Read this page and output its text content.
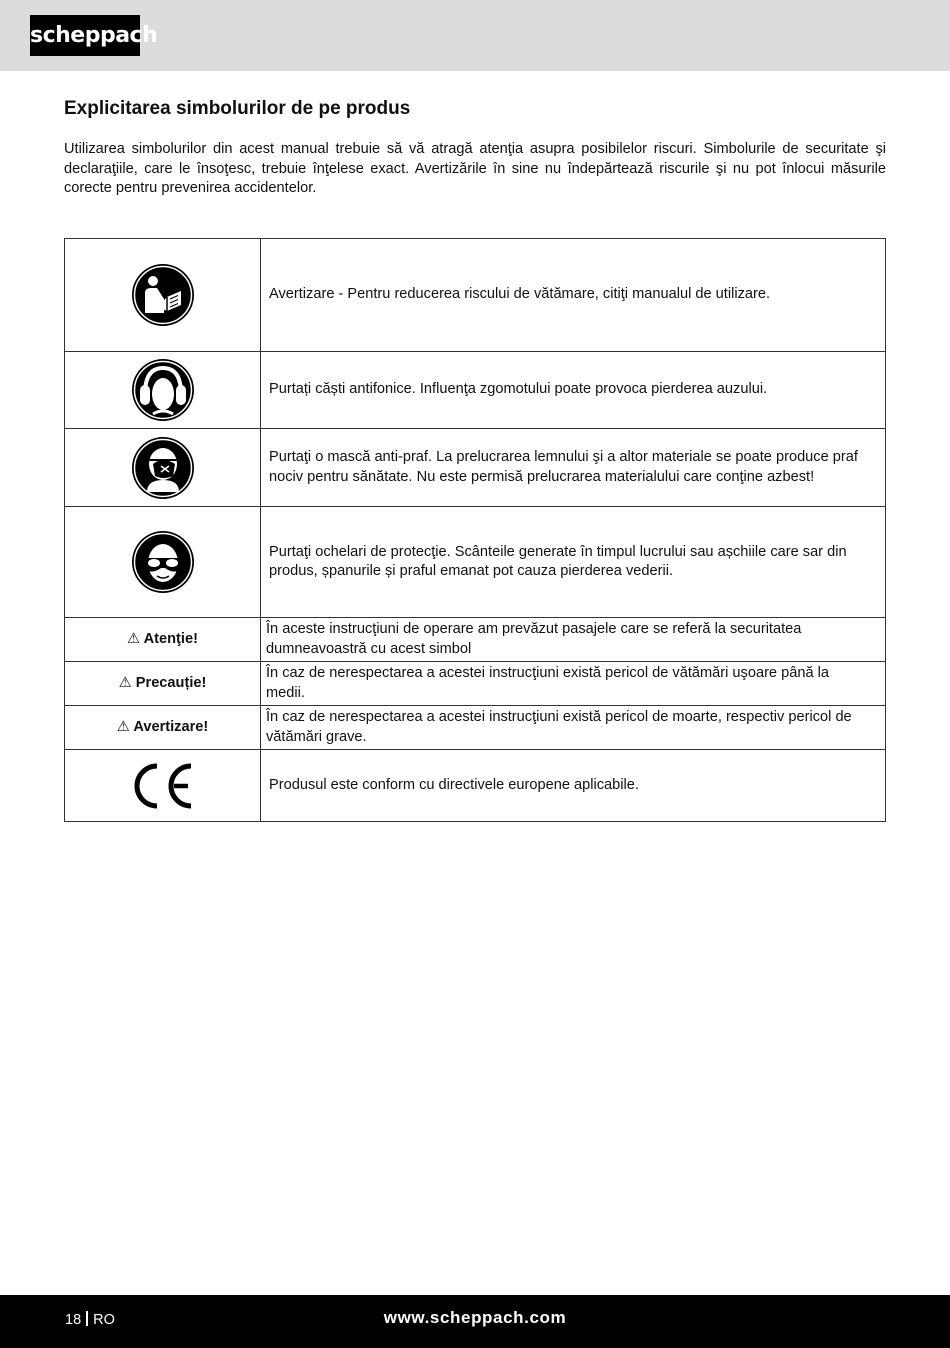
scheppach
Explicitarea simbolurilor de pe produs

Utilizarea simbolurilor din acest manual trebuie să vă atragă atenţia asupra posibilelor riscuri. Simbolurile de securitate şi declaraţiile, care le însoţesc, trebuie înţelese exact. Avertizările în sine nu îndepărtează riscurile şi nu pot înlocui măsurile corecte pentru prevenirea accidentelor.

Avertizare - Pentru reducerea riscului de vătămare, citiţi manualul de utilizare.

Purtați căști antifonice. Influenţa zgomotului poate provoca pierderea auzului.

Purtaţi o mască anti-praf. La prelucrarea lemnului şi a altor materiale se poate produce praf nociv pentru sănătate. Nu este permisă prelucrarea materialului care conţine azbest!

Purtaţi ochelari de protecţie. Scânteile generate în timpul lucrului sau așchiile care sar din produs, șpanurile și praful emanat pot cauza pierderea vederii.

⚠ Atenţie!	În aceste instrucţiuni de operare am prevăzut pasajele care se referă la securitatea dumneavoastră cu acest simbol

⚠ Precauție!	În caz de nerespectarea a acestei instrucţiuni există pericol de vătămări uşoare până la medii.

⚠ Avertizare!	În caz de nerespectarea a acestei instrucţiuni există pericol de moarte, respectiv pericol de vătămări grave.

Produsul este conform cu directivele europene aplicabile.
18 RO	www.scheppach.com
